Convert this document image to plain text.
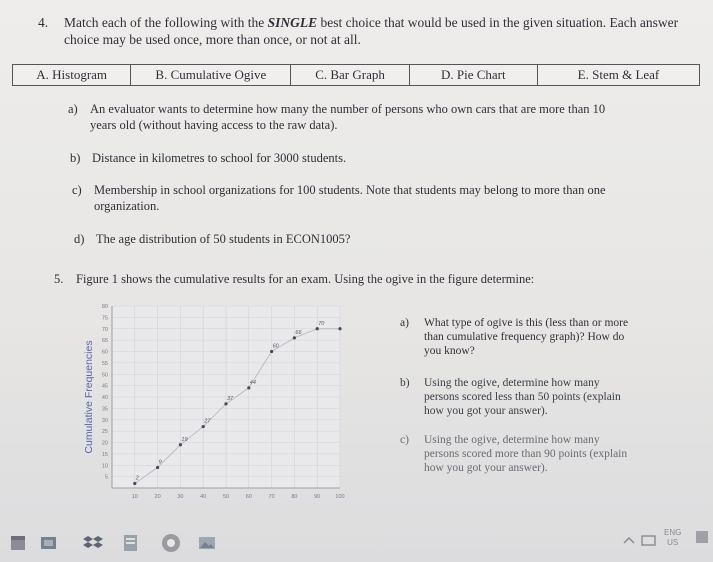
4. Match each of the following with the SINGLE best choice that would be used in the given situation. Each answer choice may be used once, more than once, or not at all.
A. Histogram	B. Cumulative Ogive	C. Bar Graph	D. Pie Chart	E. Stem & Leaf
a) An evaluator wants to determine how many the number of persons who own cars that are more than 10
years old (without having access to the raw data).
b) Distance in kilometres to school for 3000 students.
c) Membership in school organizations for 100 students. Note that students may belong to more than one
organization.
d) The age distribution of 50 students in ECON1005?
5. Figure 1 shows the cumulative results for an exam. Using the ogive in the figure determine:
5
10
15
20
25
30
35
40
45
50
55
60
65
70
75
80
10	20	30	40	50	60	70	80	90	100
Cumulative Frequencies
2
9
19
27
37
44
60
66
70	a) What type of ogive is this (less than or more
than cumulative frequency graph)? How do
you know?
b) Using the ogive, determine how many
persons scored less than 50 points (explain
how you got your answer).
c) Using the ogive, determine how many
persons scored more than 90 points (explain
how you got your answer).
ENG
US
